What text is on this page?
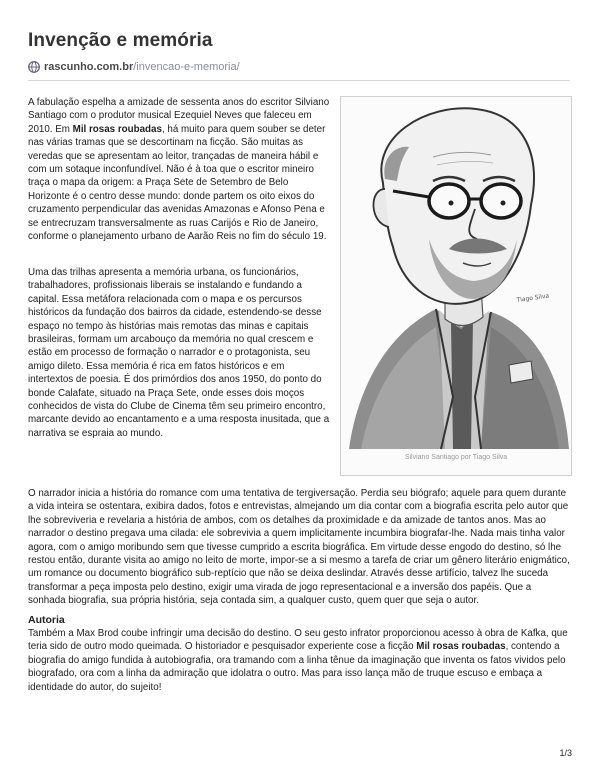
Invenção e memória
rascunho.com.br /invencao-e-memoria/

A fabulação espelha a amizade de sessenta anos do escritor Silviano Santiago com o produtor musical Ezequiel Neves que faleceu em 2010. Em Mil rosas roubadas, há muito para quem souber se deter nas várias tramas que se descortinam na ficção. São muitas as veredas que se apresentam ao leitor, trançadas de maneira hábil e com um sotaque inconfundível. Não é à toa que o escritor mineiro traça o mapa da origem: a Praça Sete de Setembro de Belo Horizonte é o centro desse mundo: donde partem os oito eixos do cruzamento perpendicular das avenidas Amazonas e Afonso Pena e se entrecruzam transversalmente as ruas Carijós e Rio de Janeiro, conforme o planejamento urbano de Aarão Reis no fim do século 19.

Uma das trilhas apresenta a memória urbana, os funcionários, trabalhadores, profissionais liberais se instalando e fundando a capital. Essa metáfora relacionada com o mapa e os percursos históricos da fundação dos bairros da cidade, estendendo-se desse espaço no tempo às histórias mais remotas das minas e capitais brasileiras, formam um arcabouço da memória no qual crescem e estão em processo de formação o narrador e o protagonista, seu amigo dileto. Essa memória é rica em fatos históricos e em intertextos de poesia. É dos primórdios dos anos 1950, do ponto do bonde Calafate, situado na Praça Sete, onde esses dois moços conhecidos de vista do Clube de Cinema têm seu primeiro encontro, marcante devido ao encantamento e a uma resposta inusitada, que a narrativa se espraia ao mundo.

Tiago Silva
Silviano Santiago por Tiago Silva

O narrador inicia a história do romance com uma tentativa de tergiversação. Perdia seu biógrafo; aquele para quem durante a vida inteira se ostentara, exibira dados, fotos e entrevistas, almejando um dia contar com a biografia escrita pelo autor que lhe sobreviveria e revelaria a história de ambos, com os detalhes da proximidade e da amizade de tantos anos. Mas ao narrador o destino pregava uma cilada: ele sobrevivia a quem implicitamente incumbira biografar-lhe. Nada mais tinha valor agora, com o amigo moribundo sem que tivesse cumprido a escrita biográfica. Em virtude desse engodo do destino, só lhe restou então, durante visita ao amigo no leito de morte, impor-se a si mesmo a tarefa de criar um gênero literário enigmático, um romance ou documento biográfico sub-reptício que não se deixa deslindar. Através desse artifício, talvez lhe suceda transformar a peça imposta pelo destino, exigir uma virada de jogo representacional e a inversão dos papéis. Que a sonhada biografia, sua própria história, seja contada sim, a qualquer custo, quem quer que seja o autor.

Autoria

Também a Max Brod coube infringir uma decisão do destino. O seu gesto infrator proporcionou acesso à obra de Kafka, que teria sido de outro modo queimada. O historiador e pesquisador experiente cose a ficção Mil rosas roubadas, contendo a biografia do amigo fundida à autobiografia, ora tramando com a linha tênue da imaginação que inventa os fatos vividos pelo biografado, ora com a linha da admiração que idolatra o outro. Mas para isso lança mão de truque escuso e embaça a identidade do autor, do sujeito!

1/3
